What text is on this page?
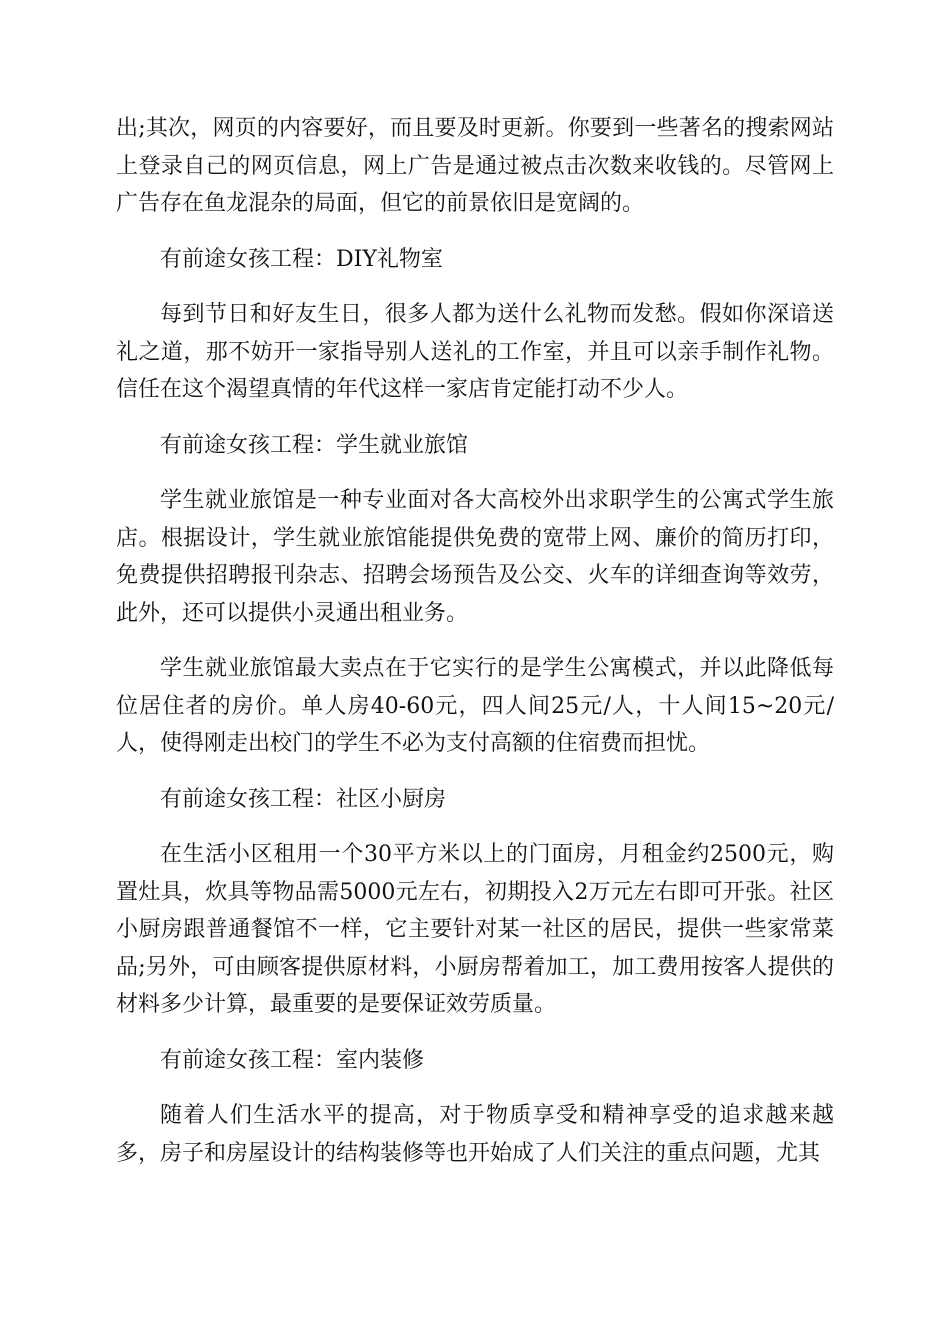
出;其次，网页的内容要好，而且要及时更新。你要到一些著名的搜索网站上登录自己的网页信息，网上广告是通过被点击次数来收钱的。尽管网上广告存在鱼龙混杂的局面，但它的前景依旧是宽阔的。

有前途女孩工程：DIY礼物室

每到节日和好友生日，很多人都为送什么礼物而发愁。假如你深谙送礼之道，那不妨开一家指导别人送礼的工作室，并且可以亲手制作礼物。信任在这个渴望真情的年代这样一家店肯定能打动不少人。

有前途女孩工程：学生就业旅馆

学生就业旅馆是一种专业面对各大高校外出求职学生的公寓式学生旅店。根据设计，学生就业旅馆能提供免费的宽带上网、廉价的简历打印，免费提供招聘报刊杂志、招聘会场预告及公交、火车的详细查询等效劳，此外，还可以提供小灵通出租业务。

学生就业旅馆最大卖点在于它实行的是学生公寓模式，并以此降低每位居住者的房价。单人房40-60元，四人间25元/人，十人间15~20元/人，使得刚走出校门的学生不必为支付高额的住宿费而担忧。

有前途女孩工程：社区小厨房

在生活小区租用一个30平方米以上的门面房，月租金约2500元，购置灶具，炊具等物品需5000元左右，初期投入2万元左右即可开张。社区小厨房跟普通餐馆不一样，它主要针对某一社区的居民，提供一些家常菜品;另外，可由顾客提供原材料，小厨房帮着加工，加工费用按客人提供的材料多少计算，最重要的是要保证效劳质量。

有前途女孩工程：室内装修

随着人们生活水平的提高，对于物质享受和精神享受的追求越来越多，房子和房屋设计的结构装修等也开始成了人们关注的重点问题，尤其
